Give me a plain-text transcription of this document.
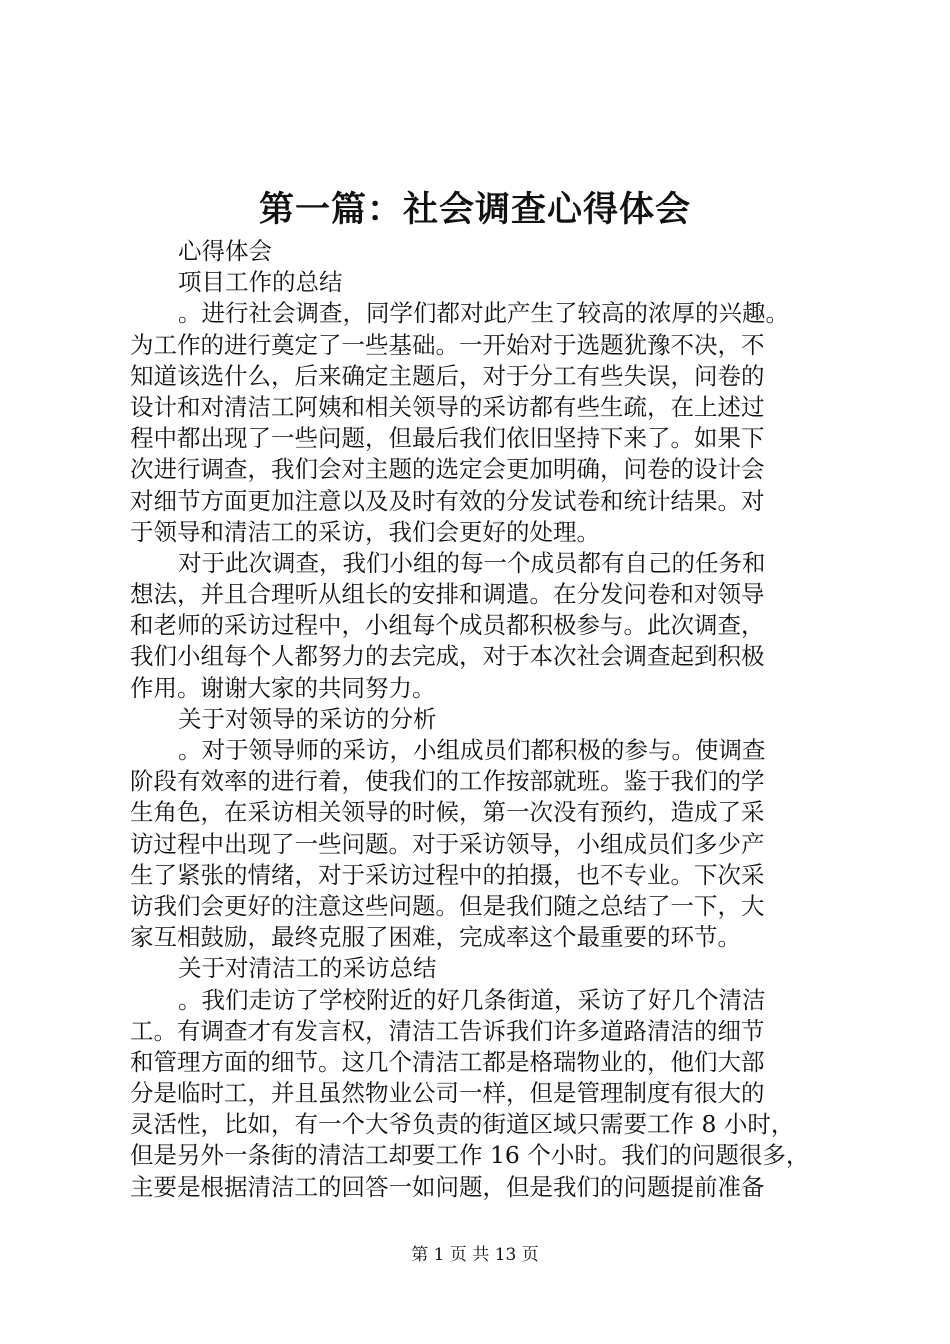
第一篇：社会调查心得体会
心得体会
项目工作的总结
。进行社会调查，同学们都对此产生了较高的浓厚的兴趣。
为工作的进行奠定了一些基础。一开始对于选题犹豫不决，不
知道该选什么，后来确定主题后，对于分工有些失误，问卷的
设计和对清洁工阿姨和相关领导的采访都有些生疏，在上述过
程中都出现了一些问题，但最后我们依旧坚持下来了。如果下
次进行调查，我们会对主题的选定会更加明确，问卷的设计会
对细节方面更加注意以及及时有效的分发试卷和统计结果。对
于领导和清洁工的采访，我们会更好的处理。
对于此次调查，我们小组的每一个成员都有自己的任务和
想法，并且合理听从组长的安排和调遣。在分发问卷和对领导
和老师的采访过程中，小组每个成员都积极参与。此次调查，
我们小组每个人都努力的去完成，对于本次社会调查起到积极
作用。谢谢大家的共同努力。
关于对领导的采访的分析
。对于领导师的采访，小组成员们都积极的参与。使调查
阶段有效率的进行着，使我们的工作按部就班。鉴于我们的学
生角色，在采访相关领导的时候，第一次没有预约，造成了采
访过程中出现了一些问题。对于采访领导，小组成员们多少产
生了紧张的情绪，对于采访过程中的拍摄，也不专业。下次采
访我们会更好的注意这些问题。但是我们随之总结了一下，大
家互相鼓励，最终克服了困难，完成率这个最重要的环节。
关于对清洁工的采访总结
。我们走访了学校附近的好几条街道，采访了好几个清洁
工。有调查才有发言权，清洁工告诉我们许多道路清洁的细节
和管理方面的细节。这几个清洁工都是格瑞物业的，他们大部
分是临时工，并且虽然物业公司一样，但是管理制度有很大的
灵活性，比如，有一个大爷负责的街道区域只需要工作 8 小时，
但是另外一条街的清洁工却要工作 16 个小时。我们的问题很多，
主要是根据清洁工的回答一如问题，但是我们的问题提前准备
第 1 页 共 13 页
